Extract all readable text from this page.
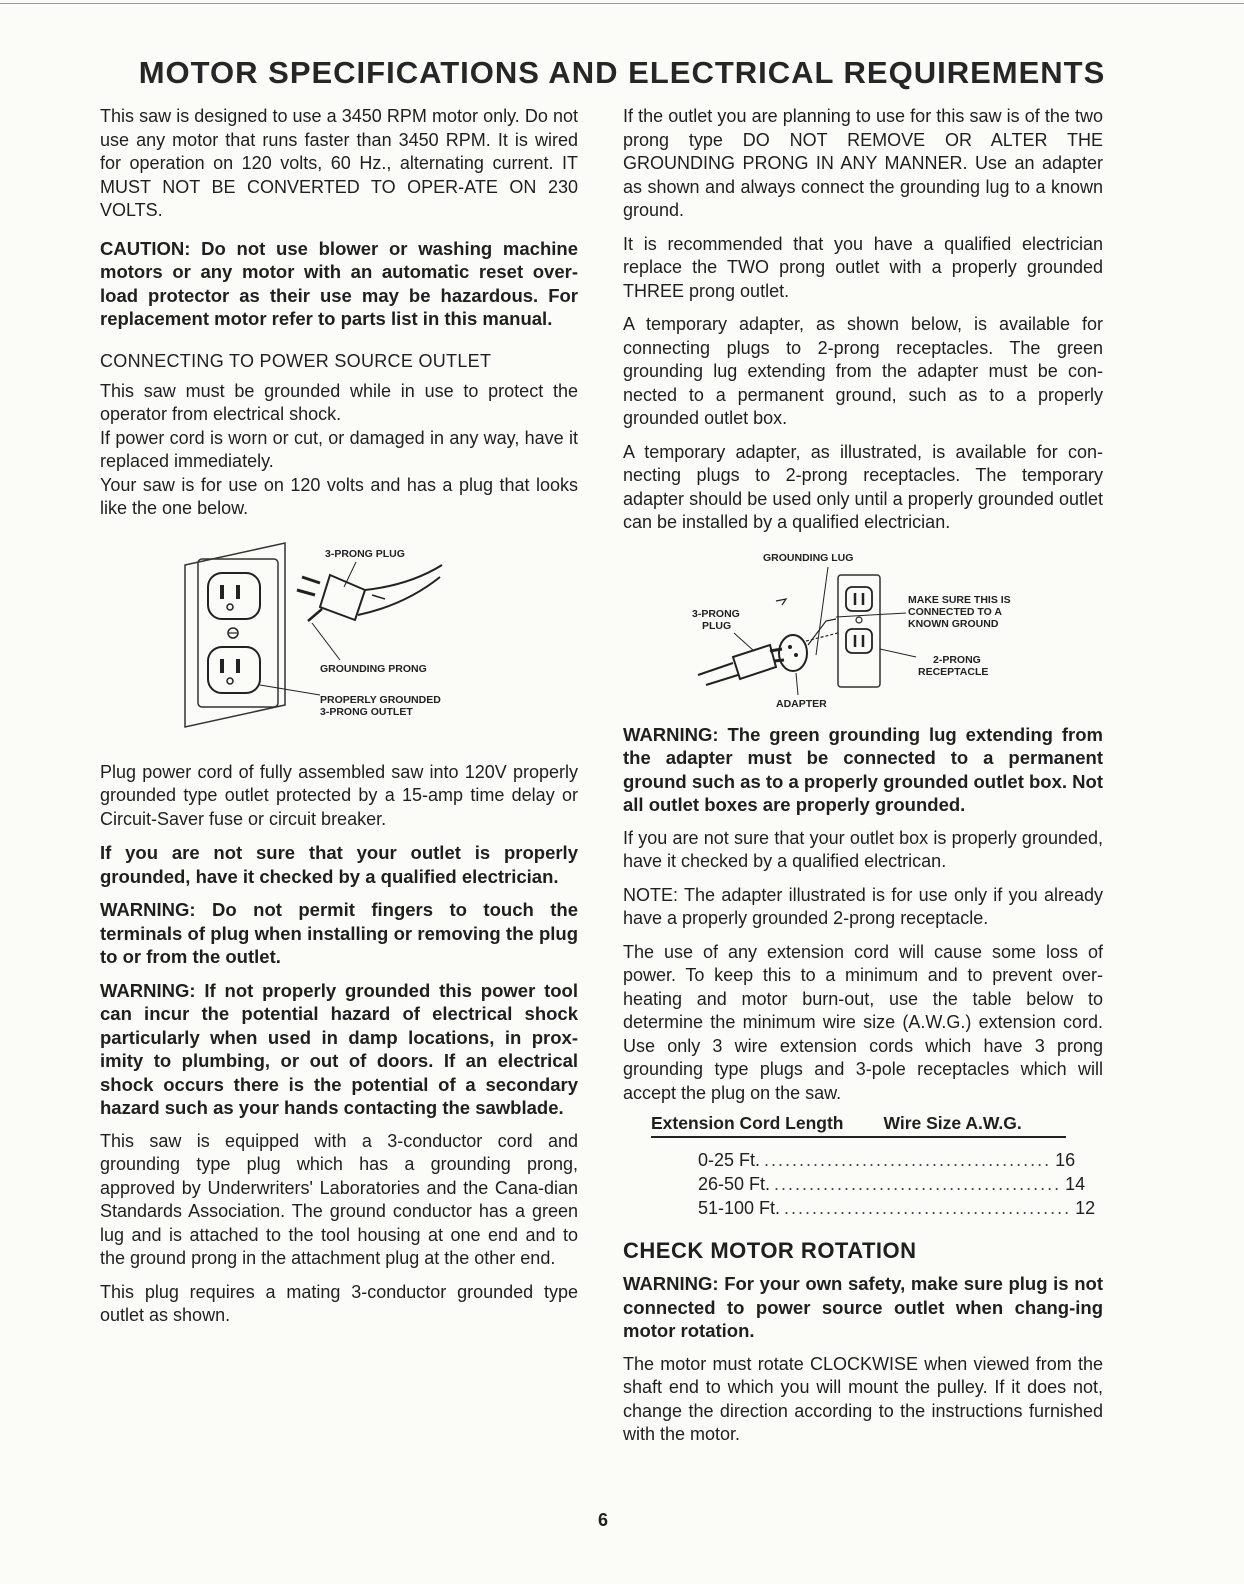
MOTOR SPECIFICATIONS AND ELECTRICAL REQUIREMENTS

This saw is designed to use a 3450 RPM motor only. Do not use any motor that runs faster than 3450 RPM. It is wired for operation on 120 volts, 60 Hz., alternating current. IT MUST NOT BE CONVERTED TO OPER-ATE ON 230 VOLTS.

CAUTION: Do not use blower or washing machine motors or any motor with an automatic reset over-load protector as their use may be hazardous. For replacement motor refer to parts list in this manual.

CONNECTING TO POWER SOURCE OUTLET

This saw must be grounded while in use to protect the operator from electrical shock.

If power cord is worn or cut, or damaged in any way, have it replaced immediately.

Your saw is for use on 120 volts and has a plug that looks like the one below.

3-PRONG PLUG
GROUNDING PRONG
PROPERLY GROUNDED
3-PRONG OUTLET

Plug power cord of fully assembled saw into 120V properly grounded type outlet protected by a 15-amp time delay or Circuit-Saver fuse or circuit breaker.

If you are not sure that your outlet is properly grounded, have it checked by a qualified electrician.

WARNING: Do not permit fingers to touch the terminals of plug when installing or removing the plug to or from the outlet.

WARNING: If not properly grounded this power tool can incur the potential hazard of electrical shock particularly when used in damp locations, in prox-imity to plumbing, or out of doors. If an electrical shock occurs there is the potential of a secondary hazard such as your hands contacting the sawblade.

This saw is equipped with a 3-conductor cord and grounding type plug which has a grounding prong, approved by Underwriters' Laboratories and the Cana-dian Standards Association. The ground conductor has a green lug and is attached to the tool housing at one end and to the ground prong in the attachment plug at the other end.

This plug requires a mating 3-conductor grounded type outlet as shown.

If the outlet you are planning to use for this saw is of the two prong type DO NOT REMOVE OR ALTER THE GROUNDING PRONG IN ANY MANNER. Use an adapter as shown and always connect the grounding lug to a known ground.

It is recommended that you have a qualified electrician replace the TWO prong outlet with a properly grounded THREE prong outlet.

A temporary adapter, as shown below, is available for connecting plugs to 2-prong receptacles. The green grounding lug extending from the adapter must be con-nected to a permanent ground, such as to a properly grounded outlet box.

A temporary adapter, as illustrated, is available for con-necting plugs to 2-prong receptacles. The temporary adapter should be used only until a properly grounded outlet can be installed by a qualified electrician.

GROUNDING LUG
3-PRONG
PLUG
MAKE SURE THIS IS
CONNECTED TO A
KNOWN GROUND
2-PRONG
RECEPTACLE
ADAPTER

WARNING: The green grounding lug extending from the adapter must be connected to a permanent ground such as to a properly grounded outlet box. Not all outlet boxes are properly grounded.

If you are not sure that your outlet box is properly grounded, have it checked by a qualified electrican.

NOTE: The adapter illustrated is for use only if you already have a properly grounded 2-prong receptacle.

The use of any extension cord will cause some loss of power. To keep this to a minimum and to prevent over-heating and motor burn-out, use the table below to determine the minimum wire size (A.W.G.) extension cord. Use only 3 wire extension cords which have 3 prong grounding type plugs and 3-pole receptacles which will accept the plug on the saw.

Extension Cord Length Wire Size A.W.G.
0-25 Ft. ......................................... 16
26-50 Ft. ......................................... 14
51-100 Ft. ......................................... 12
CHECK MOTOR ROTATION

WARNING: For your own safety, make sure plug is not connected to power source outlet when chang-ing motor rotation.

The motor must rotate CLOCKWISE when viewed from the shaft end to which you will mount the pulley. If it does not, change the direction according to the instructions furnished with the motor.

6
